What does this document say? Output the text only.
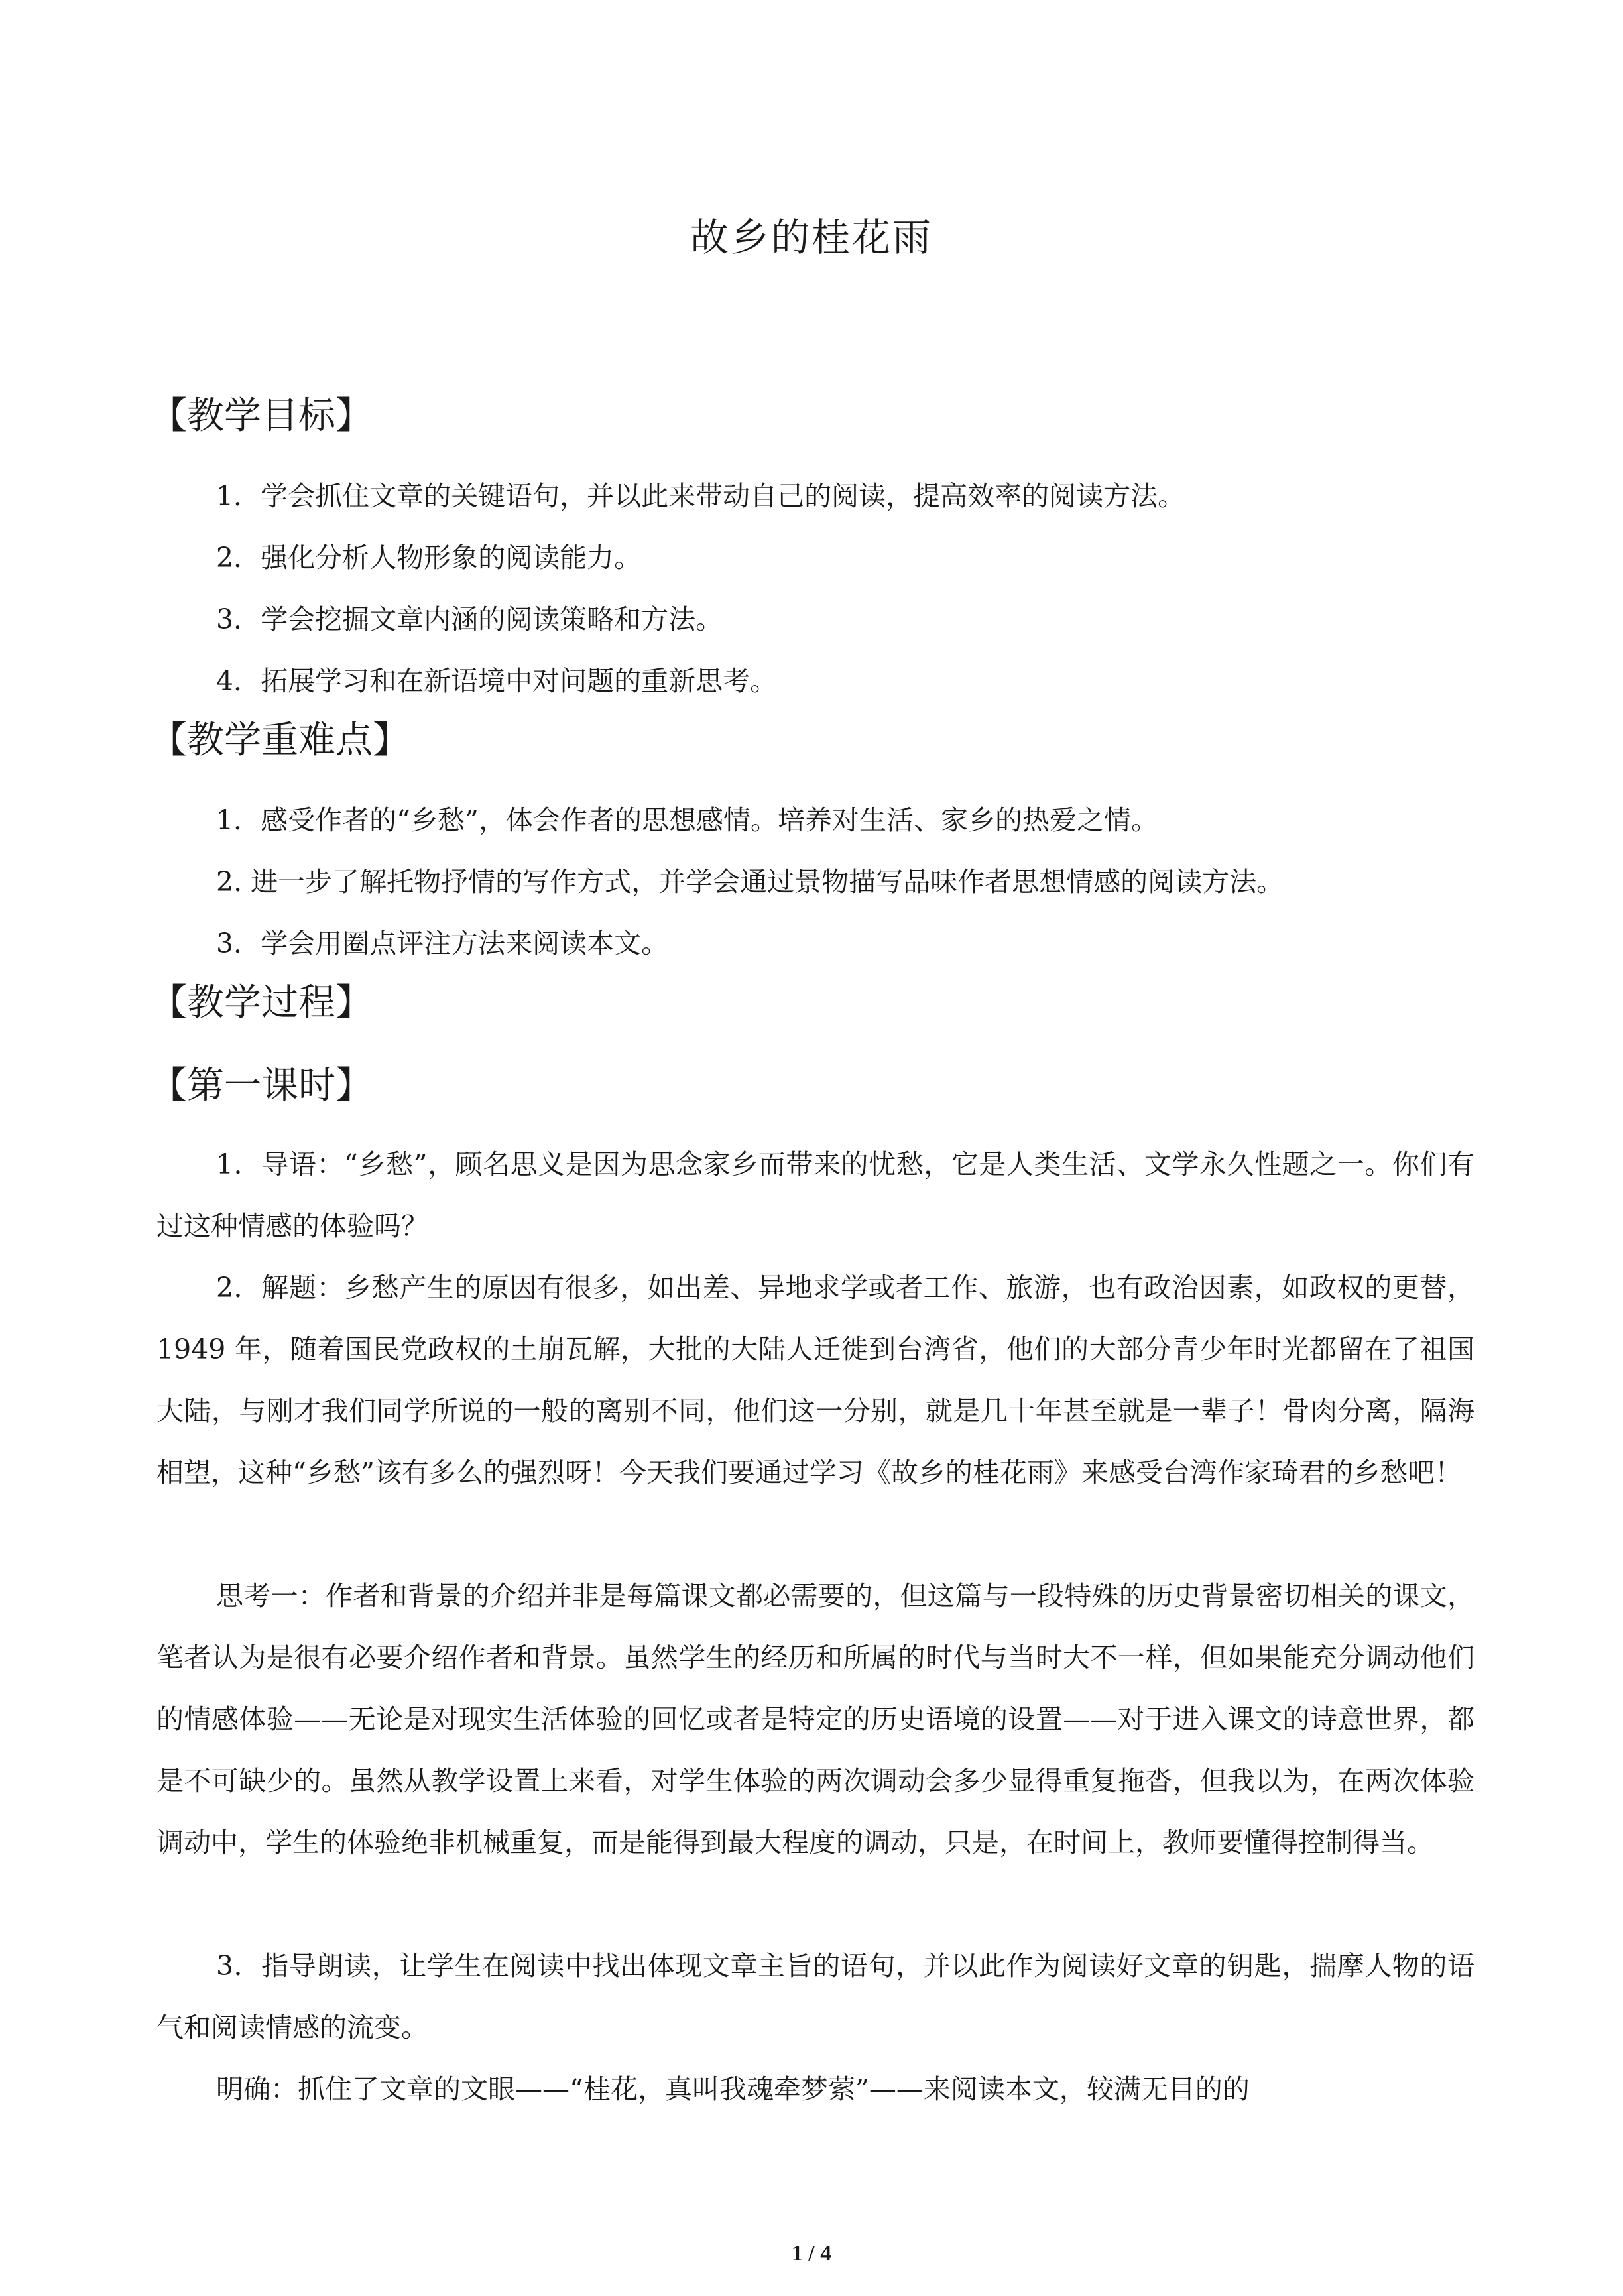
故乡的桂花雨
【教学目标】
1．学会抓住文章的关键语句，并以此来带动自己的阅读，提高效率的阅读方法。
2．强化分析人物形象的阅读能力。
3．学会挖掘文章内涵的阅读策略和方法。
4．拓展学习和在新语境中对问题的重新思考。
【教学重难点】
1．感受作者的“乡愁”，体会作者的思想感情。培养对生活、家乡的热爱之情。
2. 进一步了解托物抒情的写作方式，并学会通过景物描写品味作者思想情感的阅读方法。
3．学会用圈点评注方法来阅读本文。
【教学过程】
【第一课时】
1．导语：“乡愁”，顾名思义是因为思念家乡而带来的忧愁，它是人类生活、文学永久性题之一。你们有过这种情感的体验吗？
2．解题：乡愁产生的原因有很多，如出差、异地求学或者工作、旅游，也有政治因素，如政权的更替，1949 年，随着国民党政权的土崩瓦解，大批的大陆人迁徙到台湾省，他们的大部分青少年时光都留在了祖国大陆，与刚才我们同学所说的一般的离别不同，他们这一分别，就是几十年甚至就是一辈子！骨肉分离，隔海相望，这种“乡愁”该有多么的强烈呀！今天我们要通过学习《故乡的桂花雨》来感受台湾作家琦君的乡愁吧！
思考一：作者和背景的介绍并非是每篇课文都必需要的，但这篇与一段特殊的历史背景密切相关的课文，笔者认为是很有必要介绍作者和背景。虽然学生的经历和所属的时代与当时大不一样，但如果能充分调动他们的情感体验——无论是对现实生活体验的回忆或者是特定的历史语境的设置——对于进入课文的诗意世界，都是不可缺少的。虽然从教学设置上来看，对学生体验的两次调动会多少显得重复拖沓，但我以为，在两次体验调动中，学生的体验绝非机械重复，而是能得到最大程度的调动，只是，在时间上，教师要懂得控制得当。
3．指导朗读，让学生在阅读中找出体现文章主旨的语句，并以此作为阅读好文章的钥匙，揣摩人物的语气和阅读情感的流变。
明确：抓住了文章的文眼——“桂花，真叫我魂牵梦萦”——来阅读本文，较满无目的的
1 / 4
